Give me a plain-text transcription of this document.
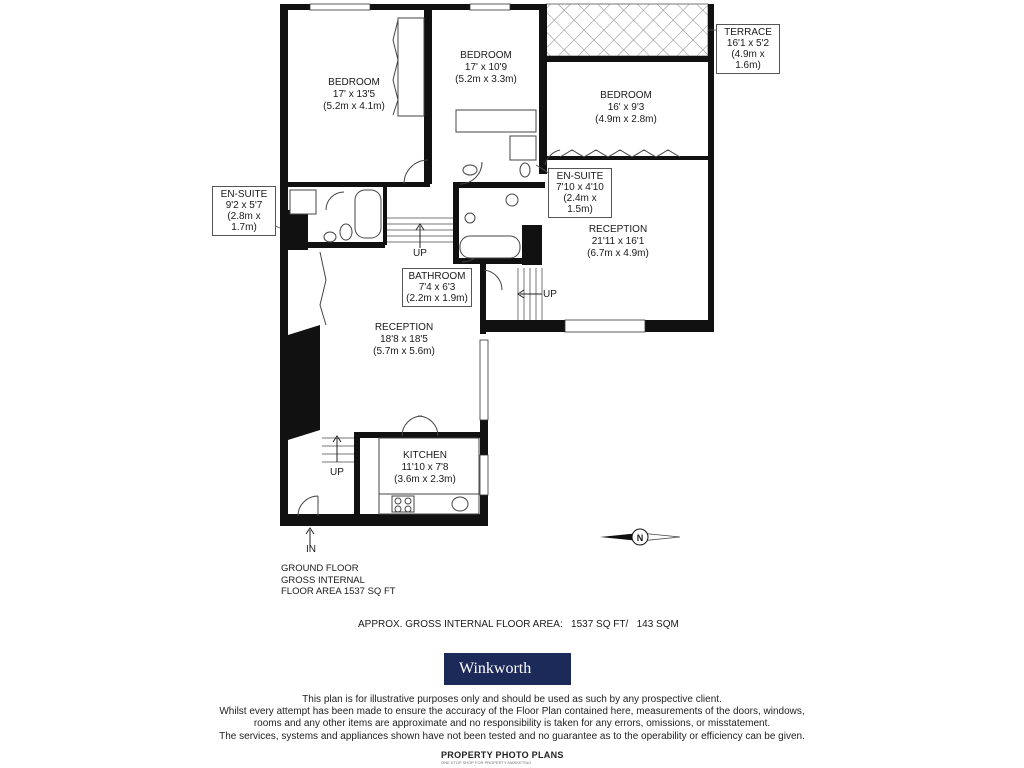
BEDROOM
17' x 13'5
(5.2m x 4.1m)
BEDROOM
17' x 10'9
(5.2m x 3.3m)
BEDROOM
16' x 9'3
(4.9m x 2.8m)
RECEPTION
21'11 x 16'1
(6.7m x 4.9m)
RECEPTION
18'8 x 18'5
(5.7m x 5.6m)
KITCHEN
11'10 x 7'8
(3.6m x 2.3m)
UP
UP
UP
IN
N
TERRACE
16'1 x 5'2
(4.9m x 1.6m)
EN-SUITE
7'10 x 4'10
(2.4m x 1.5m)
EN-SUITE
9'2 x 5'7
(2.8m x 1.7m)
BATHROOM
7'4 x 6'3
(2.2m x 1.9m)
GROUND FLOOR
GROSS INTERNAL
FLOOR AREA 1537 SQ FT
APPROX. GROSS INTERNAL FLOOR AREA:   1537 SQ FT/   143 SQM
Winkworth
This plan is for illustrative purposes only and should be used as such by any prospective client.
Whilst every attempt has been made to ensure the accuracy of the Floor Plan contained here, measurements of the doors, windows,
rooms and any other items are approximate and no responsibility is taken for any errors, omissions, or misstatement.
The services, systems and appliances shown have not been tested and no guarantee as to the operability or efficiency can be given.
PROPERTY PHOTO PLANS
ONE STOP SHOP FOR PROPERTY MARKETING
